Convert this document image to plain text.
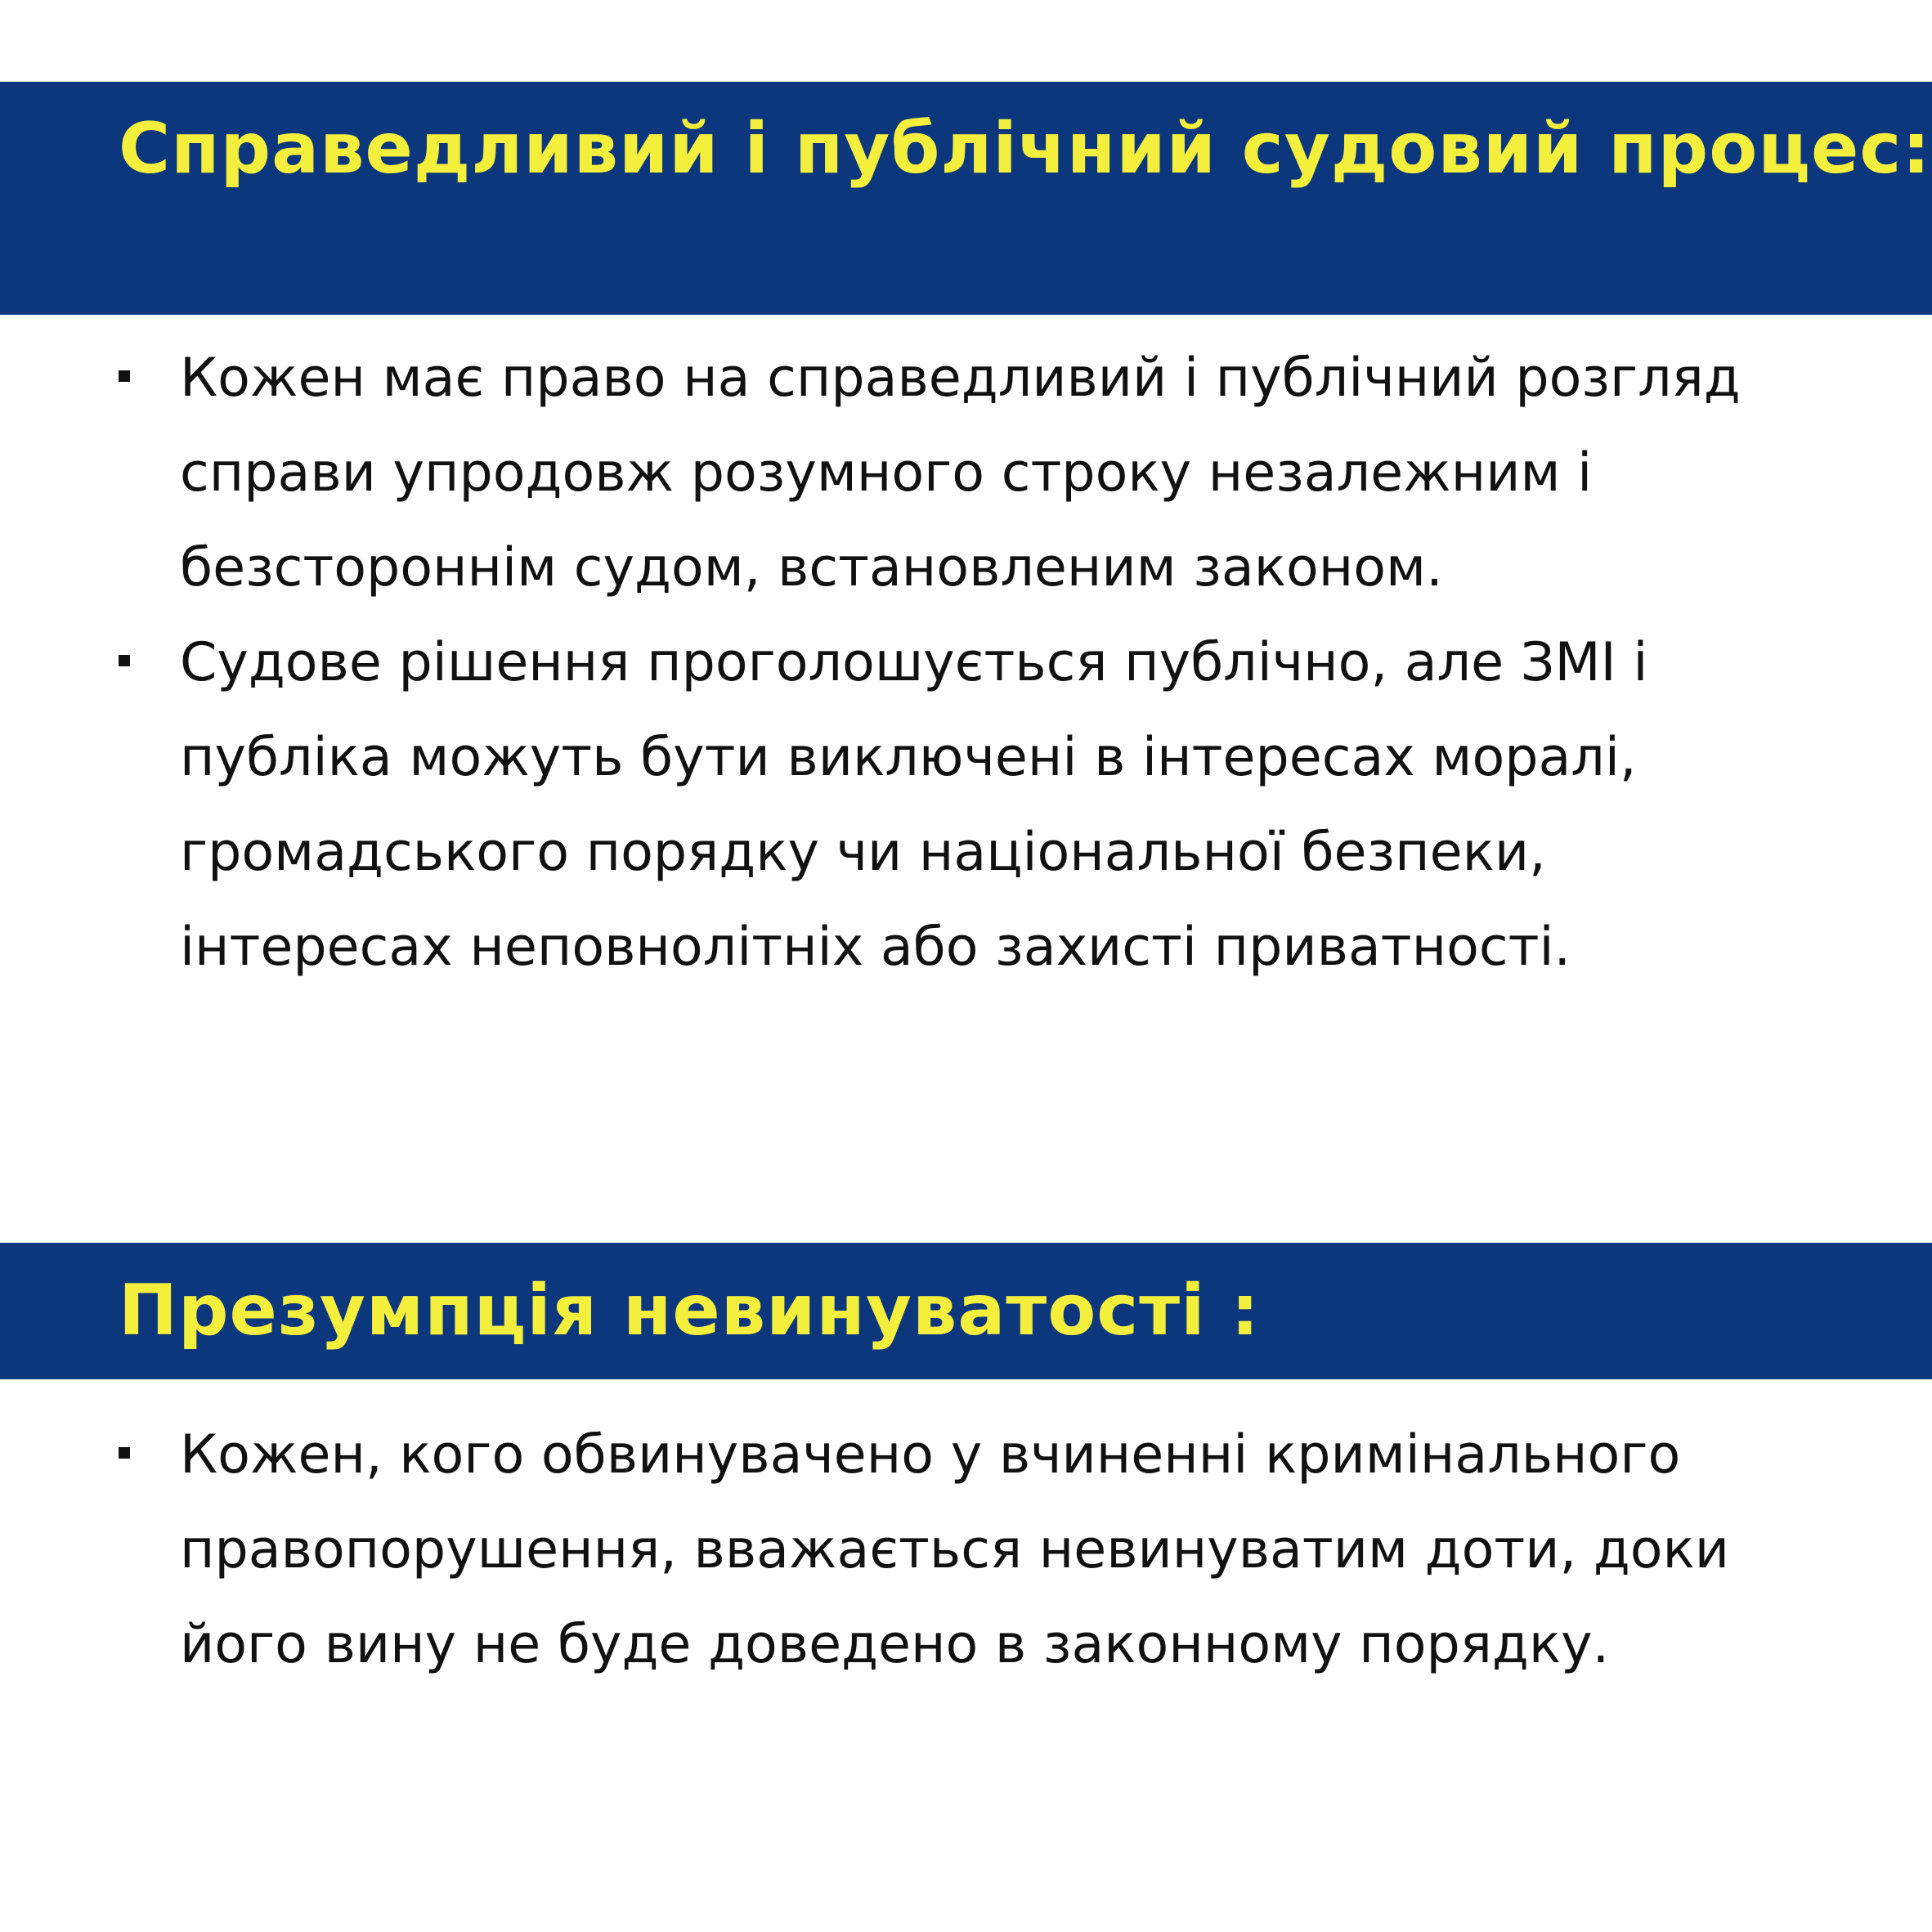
Справедливий і публічний судовий процес:
Кожен має право на справедливий і публічний розгляд справи упродовж розумного строку незалежним і безстороннім судом, встановленим законом.
Судове рішення проголошується публічно, але ЗМІ і публіка можуть бути виключені в інтересах моралі, громадського порядку чи національної безпеки, інтересах неповнолітніх або захисті приватності.
Презумпція невинуватості :
Кожен, кого обвинувачено у вчиненні кримінального правопорушення, вважається невинуватим доти, доки його вину не буде доведено в законному порядку.
